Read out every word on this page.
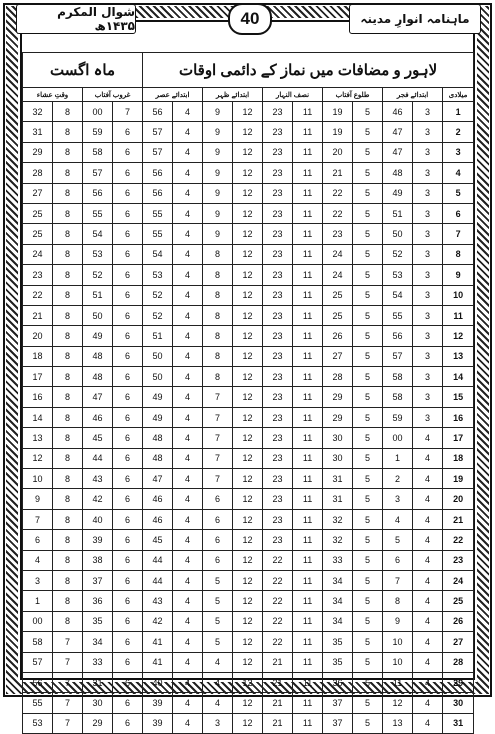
شوال المکرم ۱۴۳۵ھ	40	ماہنامہ انوارِ مدینہ
ماہ اگست				لاہور و مضافات میں نماز کے دائمی اوقات										
وقتِ عشاء		غروب آفتاب		ابتدائے عصر		ابتدائے ظہر		نصف النہار		طلوع آفتاب		ابتدائے فجر		میلادی
32	8	00	7	56	4	9	12	23	11	19	5	46	3	1
31	8	59	6	57	4	9	12	23	11	19	5	47	3	2
29	8	58	6	57	4	9	12	23	11	20	5	47	3	3
28	8	57	6	56	4	9	12	23	11	21	5	48	3	4
27	8	56	6	56	4	9	12	23	11	22	5	49	3	5
25	8	55	6	55	4	9	12	23	11	22	5	51	3	6
25	8	54	6	55	4	9	12	23	11	23	5	50	3	7
24	8	53	6	54	4	8	12	23	11	24	5	52	3	8
23	8	52	6	53	4	8	12	23	11	24	5	53	3	9
22	8	51	6	52	4	8	12	23	11	25	5	54	3	10
21	8	50	6	52	4	8	12	23	11	25	5	55	3	11
20	8	49	6	51	4	8	12	23	11	26	5	56	3	12
18	8	48	6	50	4	8	12	23	11	27	5	57	3	13
17	8	48	6	50	4	8	12	23	11	28	5	58	3	14
16	8	47	6	49	4	7	12	23	11	29	5	58	3	15
14	8	46	6	49	4	7	12	23	11	29	5	59	3	16
13	8	45	6	48	4	7	12	23	11	30	5	00	4	17
12	8	44	6	48	4	7	12	23	11	30	5	1	4	18
10	8	43	6	47	4	7	12	23	11	31	5	2	4	19
9	8	42	6	46	4	6	12	23	11	31	5	3	4	20
7	8	40	6	46	4	6	12	23	11	32	5	4	4	21
6	8	39	6	45	4	6	12	23	11	32	5	5	4	22
4	8	38	6	44	4	6	12	22	11	33	5	6	4	23
3	8	37	6	44	4	5	12	22	11	34	5	7	4	24
1	8	36	6	43	4	5	12	22	11	34	5	8	4	25
00	8	35	6	42	4	5	12	22	11	34	5	9	4	26
58	7	34	6	41	4	5	12	22	11	35	5	10	4	27
57	7	33	6	41	4	4	12	21	11	35	5	10	4	28
56	7	31	6	40	4	4	12	21	11	36	5	11	4	29
55	7	30	6	39	4	4	12	21	11	37	5	12	4	30
53	7	29	6	39	4	3	12	21	11	37	5	13	4	31
